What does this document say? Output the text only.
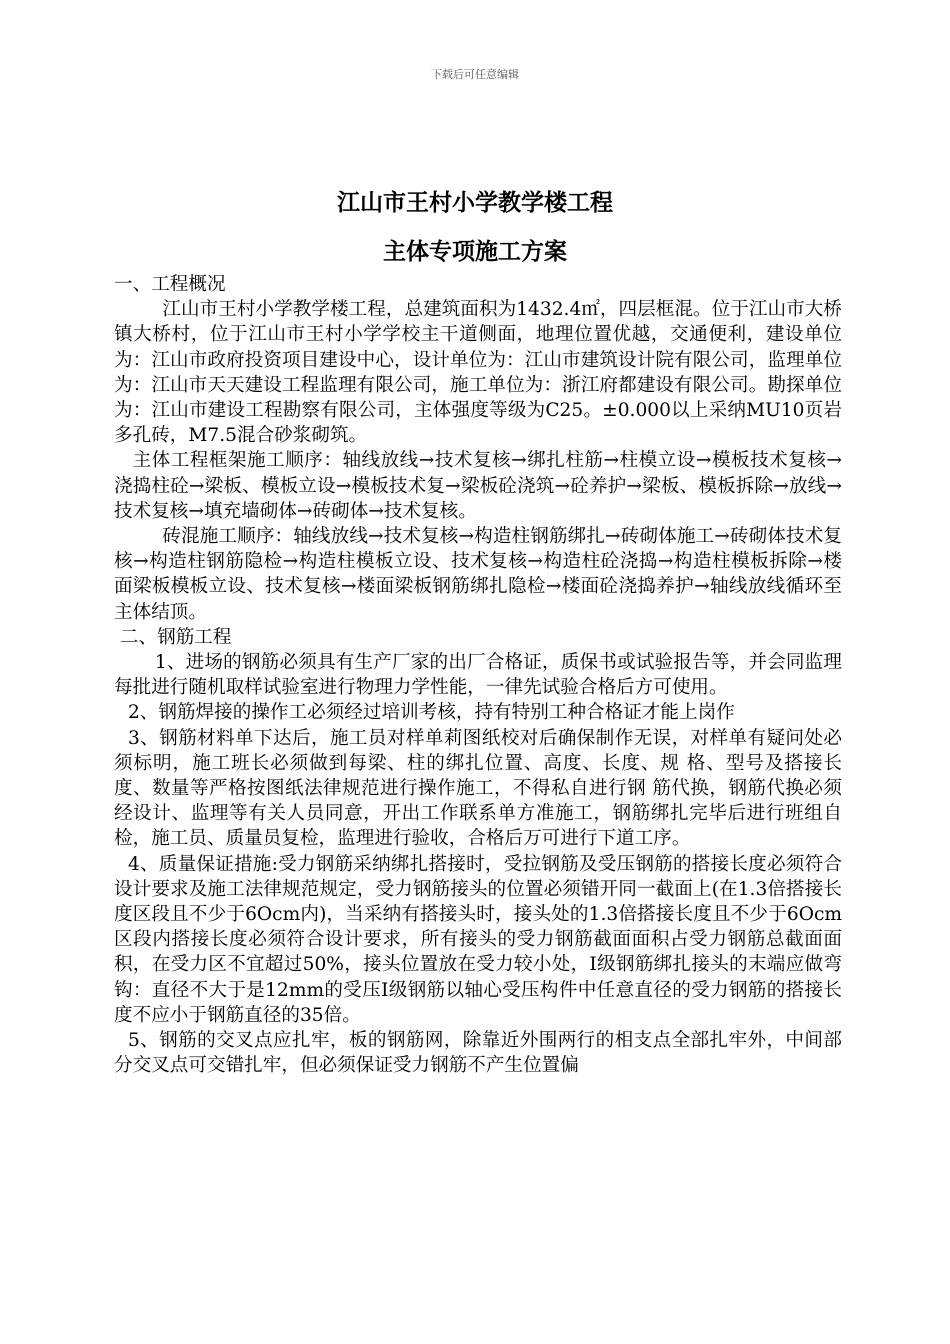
下载后可任意编辑
江山市王村小学教学楼工程
主体专项施工方案

一、工程概况

江山市王村小学教学楼工程，总建筑面积为1432.4㎡，四层框混。位于江山市大桥镇大桥村，位于江山市王村小学学校主干道侧面，地理位置优越，交通便利，建设单位为：江山市政府投资项目建设中心，设计单位为：江山市建筑设计院有限公司，监理单位为：江山市天天建设工程监理有限公司，施工单位为：浙江府都建设有限公司。勘探单位为：江山市建设工程勘察有限公司，主体强度等级为C25。±0.000以上采纳MU10页岩多孔砖，M7.5混合砂浆砌筑。

主体工程框架施工顺序：轴线放线→技术复核→绑扎柱筋→柱模立设→模板技术复核→浇捣柱砼→梁板、模板立设→模板技术复→梁板砼浇筑→砼养护→梁板、模板拆除→放线→技术复核→填充墙砌体→砖砌体→技术复核。

砖混施工顺序：轴线放线→技术复核→构造柱钢筋绑扎→砖砌体施工→砖砌体技术复核→构造柱钢筋隐检→构造柱模板立设、技术复核→构造柱砼浇捣→构造柱模板拆除→楼面梁板模板立设、技术复核→楼面梁板钢筋绑扎隐检→楼面砼浇捣养护→轴线放线循环至主体结顶。

二、钢筋工程

1、进场的钢筋必须具有生产厂家的出厂合格证，质保书或试验报告等，并会同监理每批进行随机取样试验室进行物理力学性能，一律先试验合格后方可使用。

2、钢筋焊接的操作工必须经过培训考核，持有特别工种合格证才能上岗作

3、钢筋材料单下达后，施工员对样单莉图纸校对后确保制作无误，对样单有疑问处必须标明，施工班长必须做到每梁、柱的绑扎位置、高度、长度、规 格、型号及搭接长度、数量等严格按图纸法律规范进行操作施工，不得私自进行钢 筋代换，钢筋代换必须经设计、监理等有关人员同意，开出工作联系单方准施工，钢筋绑扎完毕后进行班组自检，施工员、质量员复检，监理进行验收，合格后万可进行下道工序。

4、质量保证措施:受力钢筋采纳绑扎搭接时，受拉钢筋及受压钢筋的搭接长度必须符合设计要求及施工法律规范规定，受力钢筋接头的位置必须错开同一截面上(在1.3倍搭接长度区段且不少于6Ocm内)，当采纳有搭接头时，接头处的1.3倍搭接长度且不少于6Ocm区段内搭接长度必须符合设计要求，所有接头的受力钢筋截面面积占受力钢筋总截面面积，在受力区不宜超过50%，接头位置放在受力较小处，Ⅰ级钢筋绑扎接头的末端应做弯钩：直径不大于是12mm的受压Ⅰ级钢筋以轴心受压构件中任意直径的受力钢筋的搭接长度不应小于钢筋直径的35倍。

5、钢筋的交叉点应扎牢，板的钢筋网，除靠近外围两行的相支点全部扎牢外，中间部分交叉点可交错扎牢，但必须保证受力钢筋不产生位置偏
